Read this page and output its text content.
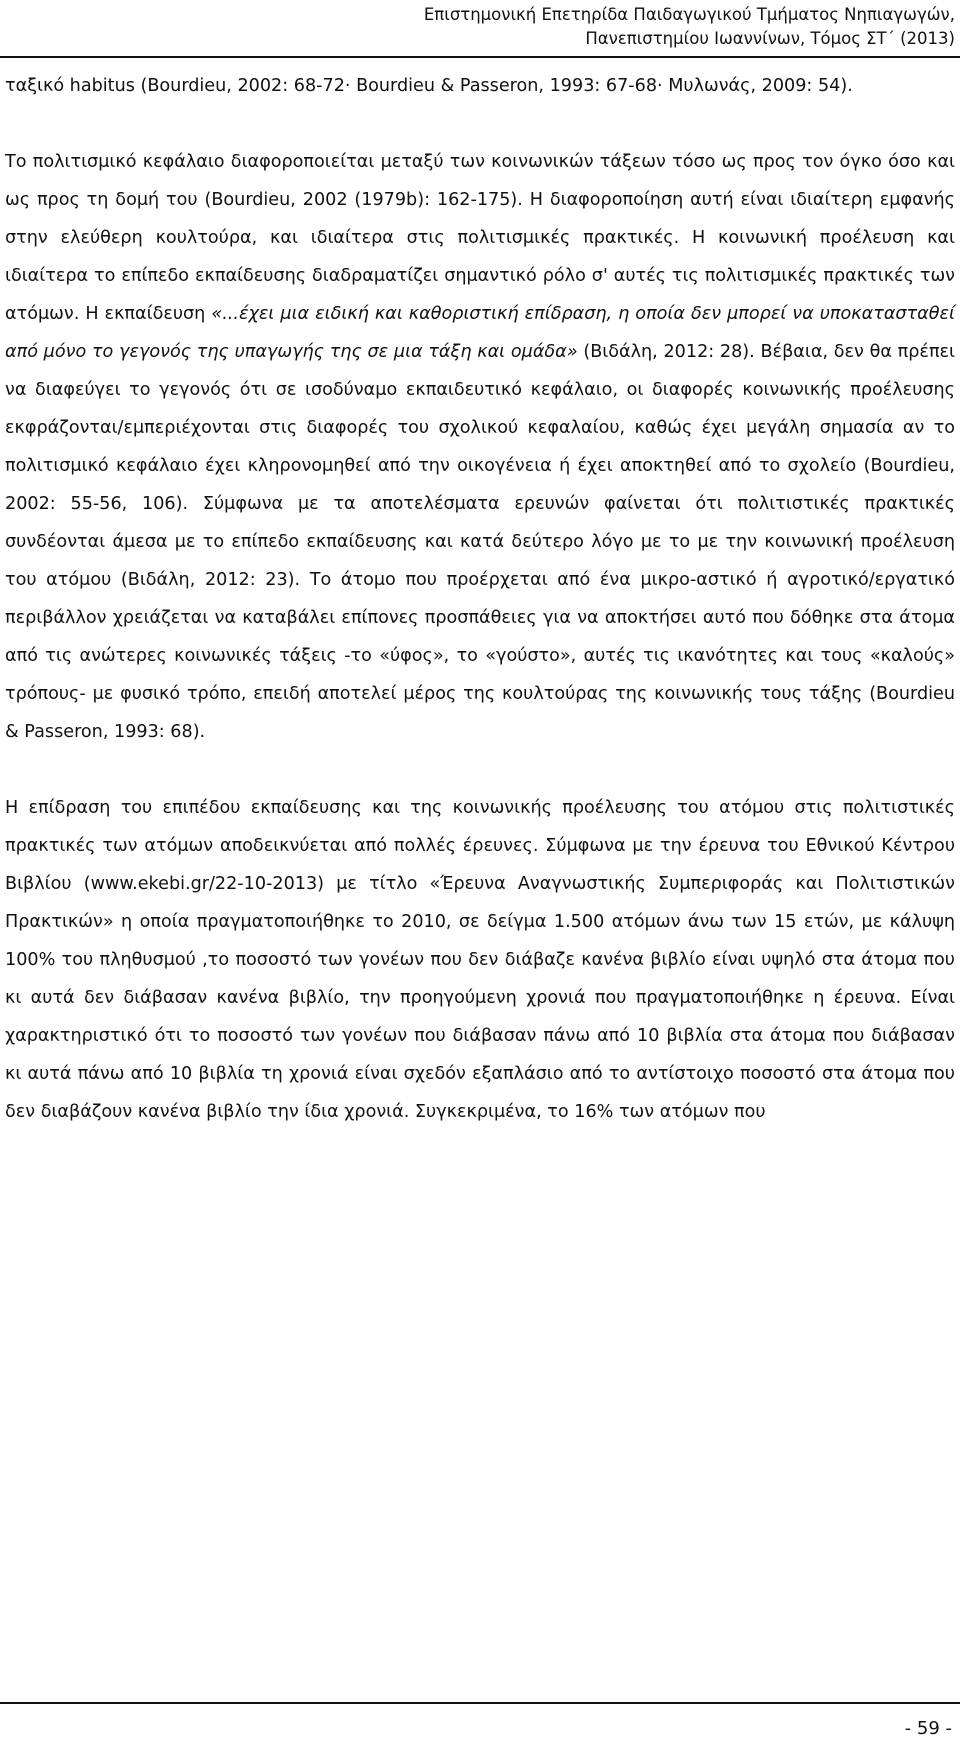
Επιστημονική Επετηρίδα Παιδαγωγικού Τμήματος Νηπιαγωγών,
Πανεπιστημίου Ιωαννίνων, Τόμος ΣΤ΄ (2013)

ταξικό habitus (Bourdieu, 2002: 68-72· Bourdieu & Passeron, 1993: 67-68· Μυλωνάς, 2009: 54).

Το πολιτισμικό κεφάλαιο διαφοροποιείται μεταξύ των κοινωνικών τάξεων τόσο ως προς τον όγκο όσο και ως προς τη δομή του (Bourdieu, 2002 (1979b): 162-175). Η διαφοροποίηση αυτή είναι ιδιαίτερη εμφανής στην ελεύθερη κουλτούρα, και ιδιαίτερα στις πολιτισμικές πρακτικές. Η κοινωνική προέλευση και ιδιαίτερα το επίπεδο εκπαίδευσης διαδραματίζει σημαντικό ρόλο σ' αυτές τις πολιτισμικές πρακτικές των ατόμων. Η εκπαίδευση «...έχει μια ειδική και καθοριστική επίδραση, η οποία δεν μπορεί να υποκατασταθεί από μόνο το γεγονός της υπαγωγής της σε μια τάξη και ομάδα» (Βιδάλη, 2012: 28). Βέβαια, δεν θα πρέπει να διαφεύγει το γεγονός ότι σε ισοδύναμο εκπαιδευτικό κεφάλαιο, οι διαφορές κοινωνικής προέλευσης εκφράζονται/εμπεριέχονται στις διαφορές του σχολικού κεφαλαίου, καθώς έχει μεγάλη σημασία αν το πολιτισμικό κεφάλαιο έχει κληρονομηθεί από την οικογένεια ή έχει αποκτηθεί από το σχολείο (Bourdieu, 2002: 55-56, 106). Σύμφωνα με τα αποτελέσματα ερευνών φαίνεται ότι πολιτιστικές πρακτικές συνδέονται άμεσα με το επίπεδο εκπαίδευσης και κατά δεύτερο λόγο με το με την κοινωνική προέλευση του ατόμου (Βιδάλη, 2012: 23). Το άτομο που προέρχεται από ένα μικρο-αστικό ή αγροτικό/εργατικό περιβάλλον χρειάζεται να καταβάλει επίπονες προσπάθειες για να αποκτήσει αυτό που δόθηκε στα άτομα από τις ανώτερες κοινωνικές τάξεις -το «ύφος», το «γούστο», αυτές τις ικανότητες και τους «καλούς» τρόπους- με φυσικό τρόπο, επειδή αποτελεί μέρος της κουλτούρας της κοινωνικής τους τάξης (Bourdieu & Passeron, 1993: 68).

Η επίδραση του επιπέδου εκπαίδευσης και της κοινωνικής προέλευσης του ατόμου στις πολιτιστικές πρακτικές των ατόμων αποδεικνύεται από πολλές έρευνες. Σύμφωνα με την έρευνα του Εθνικού Κέντρου Βιβλίου (www.ekebi.gr/22-10-2013) με τίτλο «Έρευνα Αναγνωστικής Συμπεριφοράς και Πολιτιστικών Πρακτικών» η οποία πραγματοποιήθηκε το 2010, σε δείγμα 1.500 ατόμων άνω των 15 ετών, με κάλυψη 100% του πληθυσμού ,το ποσοστό των γονέων που δεν διάβαζε κανένα βιβλίο είναι υψηλό στα άτομα που κι αυτά δεν διάβασαν κανένα βιβλίο, την προηγούμενη χρονιά που πραγματοποιήθηκε η έρευνα. Είναι χαρακτηριστικό ότι το ποσοστό των γονέων που διάβασαν πάνω από 10 βιβλία στα άτομα που διάβασαν κι αυτά πάνω από 10 βιβλία τη χρονιά είναι σχεδόν εξαπλάσιο από το αντίστοιχο ποσοστό στα άτομα που δεν διαβάζουν κανένα βιβλίο την ίδια χρονιά. Συγκεκριμένα, το 16% των ατόμων που

- 59 -
